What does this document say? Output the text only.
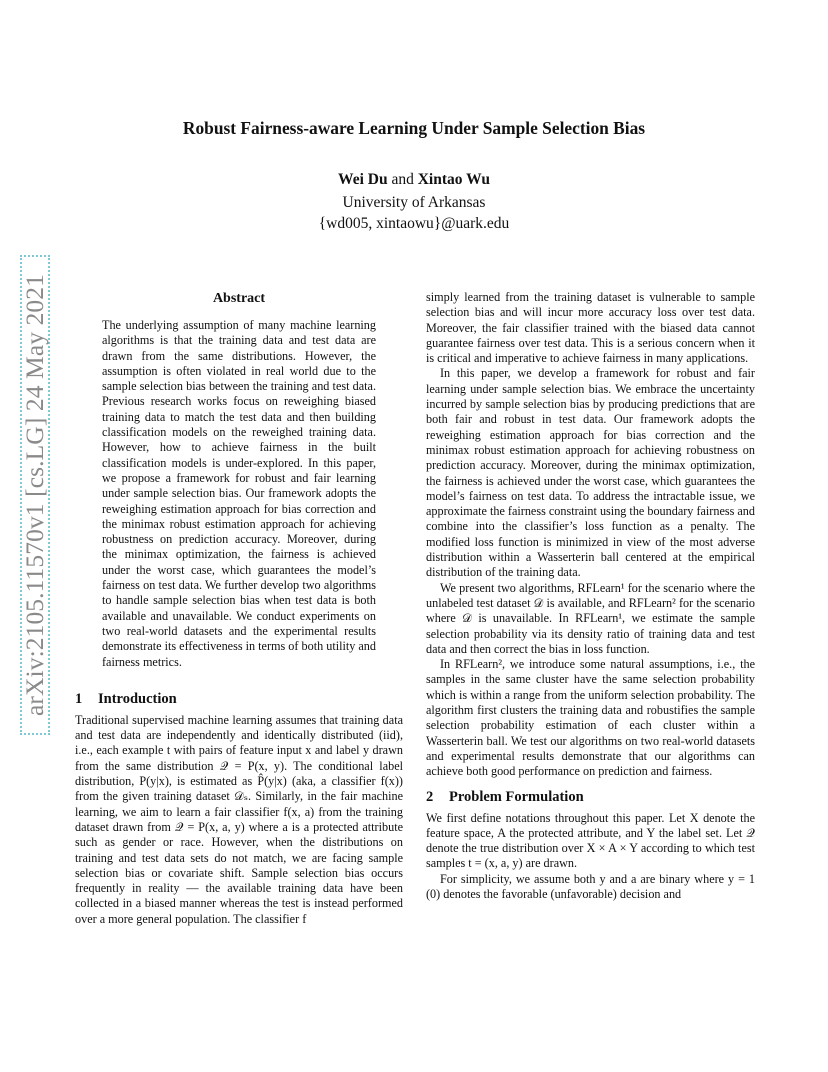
arXiv:2105.11570v1 [cs.LG] 24 May 2021
Robust Fairness-aware Learning Under Sample Selection Bias
Wei Du and Xintao Wu
University of Arkansas
{wd005, xintaowu}@uark.edu
Abstract

The underlying assumption of many machine learning algorithms is that the training data and test data are drawn from the same distributions. However, the assumption is often violated in real world due to the sample selection bias between the training and test data. Previous research works focus on reweighing biased training data to match the test data and then building classification models on the reweighed training data. However, how to achieve fairness in the built classification models is under-explored. In this paper, we propose a framework for robust and fair learning under sample selection bias. Our framework adopts the reweighing estimation approach for bias correction and the minimax robust estimation approach for achieving robustness on prediction accuracy. Moreover, during the minimax optimization, the fairness is achieved under the worst case, which guarantees the model’s fairness on test data. We further develop two algorithms to handle sample selection bias when test data is both available and unavailable. We conduct experiments on two real-world datasets and the experimental results demonstrate its effectiveness in terms of both utility and fairness metrics.

1 Introduction

Traditional supervised machine learning assumes that training data and test data are independently and identically distributed (iid), i.e., each example t with pairs of feature input x and label y drawn from the same distribution 𝒬 = P(x, y). The conditional label distribution, P(y|x), is estimated as P̂(y|x) (aka, a classifier f(x)) from the given training dataset 𝒟ₛ. Similarly, in the fair machine learning, we aim to learn a fair classifier f(x, a) from the training dataset drawn from 𝒬 = P(x, a, y) where a is a protected attribute such as gender or race. However, when the distributions on training and test data sets do not match, we are facing sample selection bias or covariate shift. Sample selection bias occurs frequently in reality — the available training data have been collected in a biased manner whereas the test is instead performed over a more general population. The classifier f

simply learned from the training dataset is vulnerable to sample selection bias and will incur more accuracy loss over test data. Moreover, the fair classifier trained with the biased data cannot guarantee fairness over test data. This is a serious concern when it is critical and imperative to achieve fairness in many applications.

In this paper, we develop a framework for robust and fair learning under sample selection bias. We embrace the uncertainty incurred by sample selection bias by producing predictions that are both fair and robust in test data. Our framework adopts the reweighing estimation approach for bias correction and the minimax robust estimation approach for achieving robustness on prediction accuracy. Moreover, during the minimax optimization, the fairness is achieved under the worst case, which guarantees the model’s fairness on test data. To address the intractable issue, we approximate the fairness constraint using the boundary fairness and combine into the classifier’s loss function as a penalty. The modified loss function is minimized in view of the most adverse distribution within a Wasserterin ball centered at the empirical distribution of the training data.

We present two algorithms, RFLearn¹ for the scenario where the unlabeled test dataset 𝒟 is available, and RFLearn² for the scenario where 𝒟 is unavailable. In RFLearn¹, we estimate the sample selection probability via its density ratio of training data and test data and then correct the bias in loss function.

In RFLearn², we introduce some natural assumptions, i.e., the samples in the same cluster have the same selection probability which is within a range from the uniform selection probability. The algorithm first clusters the training data and robustifies the sample selection probability estimation of each cluster within a Wasserterin ball. We test our algorithms on two real-world datasets and experimental results demonstrate that our algorithms can achieve both good performance on prediction and fairness.

2 Problem Formulation

We first define notations throughout this paper. Let X denote the feature space, A the protected attribute, and Y the label set. Let 𝒬 denote the true distribution over X × A × Y according to which test samples t = (x, a, y) are drawn.

For simplicity, we assume both y and a are binary where y = 1 (0) denotes the favorable (unfavorable) decision and
